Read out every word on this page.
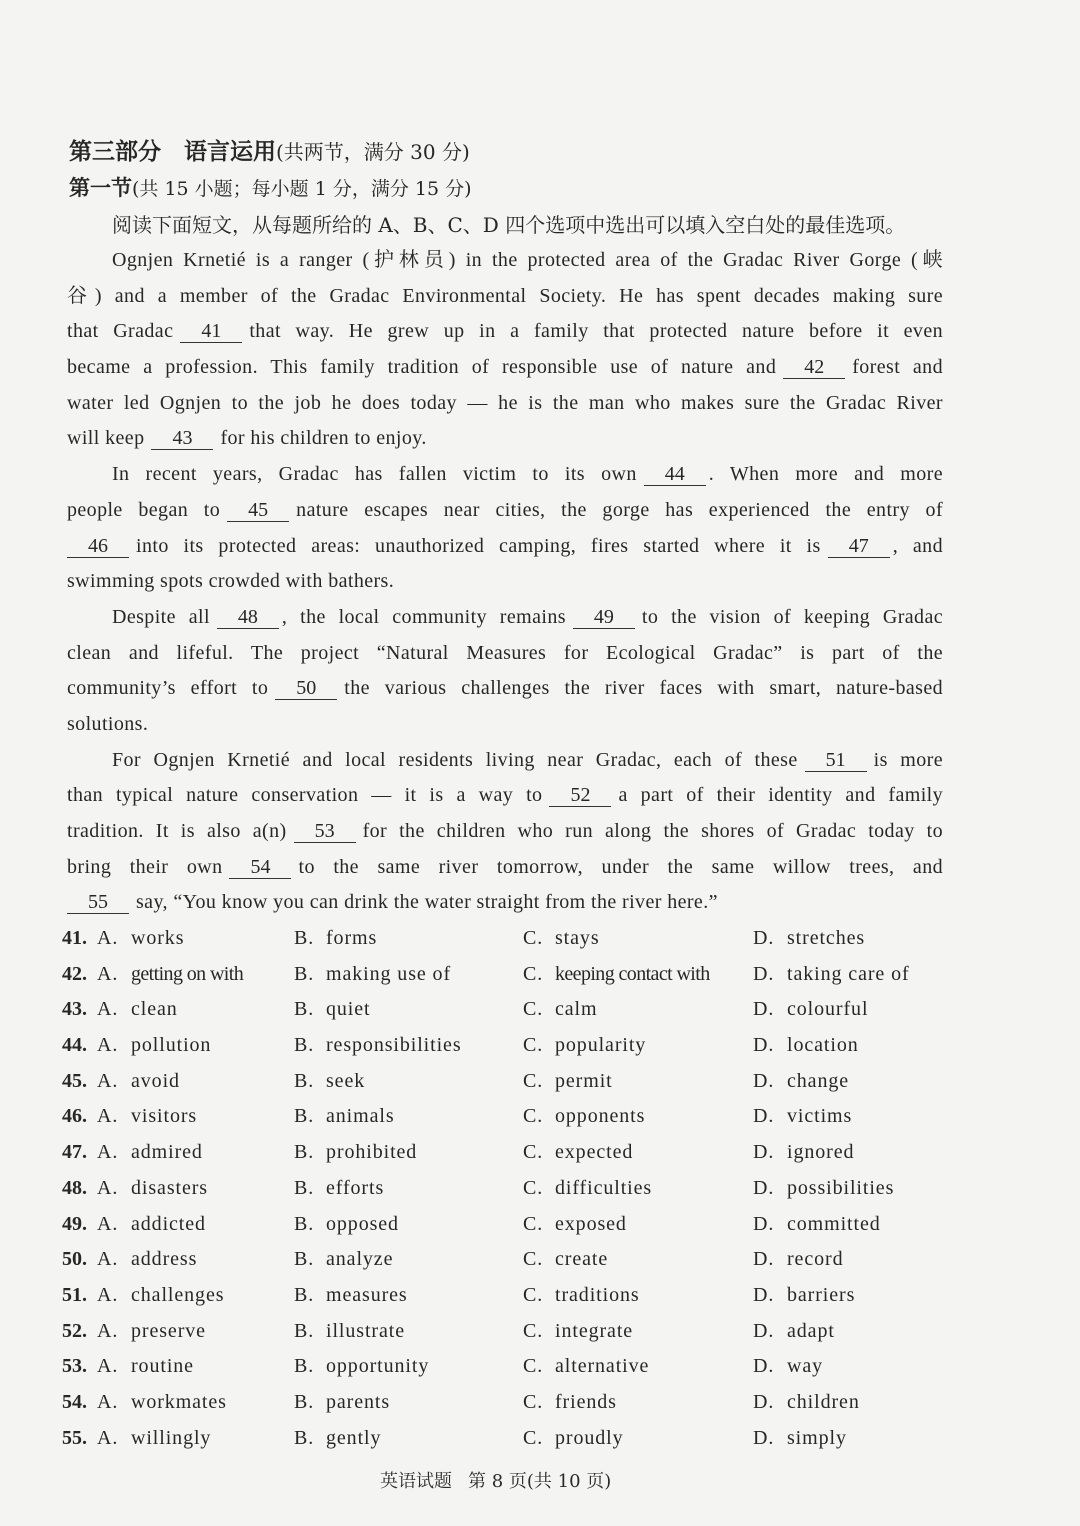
第三部分　语言运用(共两节，满分 30 分)
第一节(共 15 小题；每小题 1 分，满分 15 分)
阅读下面短文，从每题所给的 A、B、C、D 四个选项中选出可以填入空白处的最佳选项。
Ognjen Krnetié is a ranger (护林员) in the protected area of the Gradac River Gorge (峡
谷) and a member of the Gradac Environmental Society. He has spent decades making sure
that Gradac 41 that way. He grew up in a family that protected nature before it even
became a profession. This family tradition of responsible use of nature and 42 forest and
water led Ognjen to the job he does today — he is the man who makes sure the Gradac River
will keep 43 for his children to enjoy.
In recent years, Gradac has fallen victim to its own 44 . When more and more
people began to 45 nature escapes near cities, the gorge has experienced the entry of
46 into its protected areas: unauthorized camping, fires started where it is 47 , and
swimming spots crowded with bathers.
Despite all 48 , the local community remains 49 to the vision of keeping Gradac
clean and lifeful. The project “Natural Measures for Ecological Gradac” is part of the
community’s effort to 50 the various challenges the river faces with smart, nature-based
solutions.
For Ognjen Krnetié and local residents living near Gradac, each of these 51 is more
than typical nature conservation — it is a way to 52 a part of their identity and family
tradition. It is also a(n) 53 for the children who run along the shores of Gradac today to
bring their own 54 to the same river tomorrow, under the same willow trees, and
55 say, “You know you can drink the water straight from the river here.”
41. A. works	B. forms	C. stays	D. stretches
42. A. getting on with	B. making use of	C. keeping contact with D. taking care of
43. A. clean	B. quiet	C. calm	D. colourful
44. A. pollution	B. responsibilities	C. popularity	D. location
45. A. avoid	B. seek	C. permit	D. change
46. A. visitors	B. animals	C. opponents	D. victims
47. A. admired	B. prohibited	C. expected	D. ignored
48. A. disasters	B. efforts	C. difficulties	D. possibilities
49. A. addicted	B. opposed	C. exposed	D. committed
50. A. address	B. analyze	C. create	D. record
51. A. challenges	B. measures	C. traditions	D. barriers
52. A. preserve	B. illustrate	C. integrate	D. adapt
53. A. routine	B. opportunity	C. alternative	D. way
54. A. workmates	B. parents	C. friends	D. children
55. A. willingly	B. gently	C. proudly	D. simply
英语试题 第 8 页(共 10 页)
